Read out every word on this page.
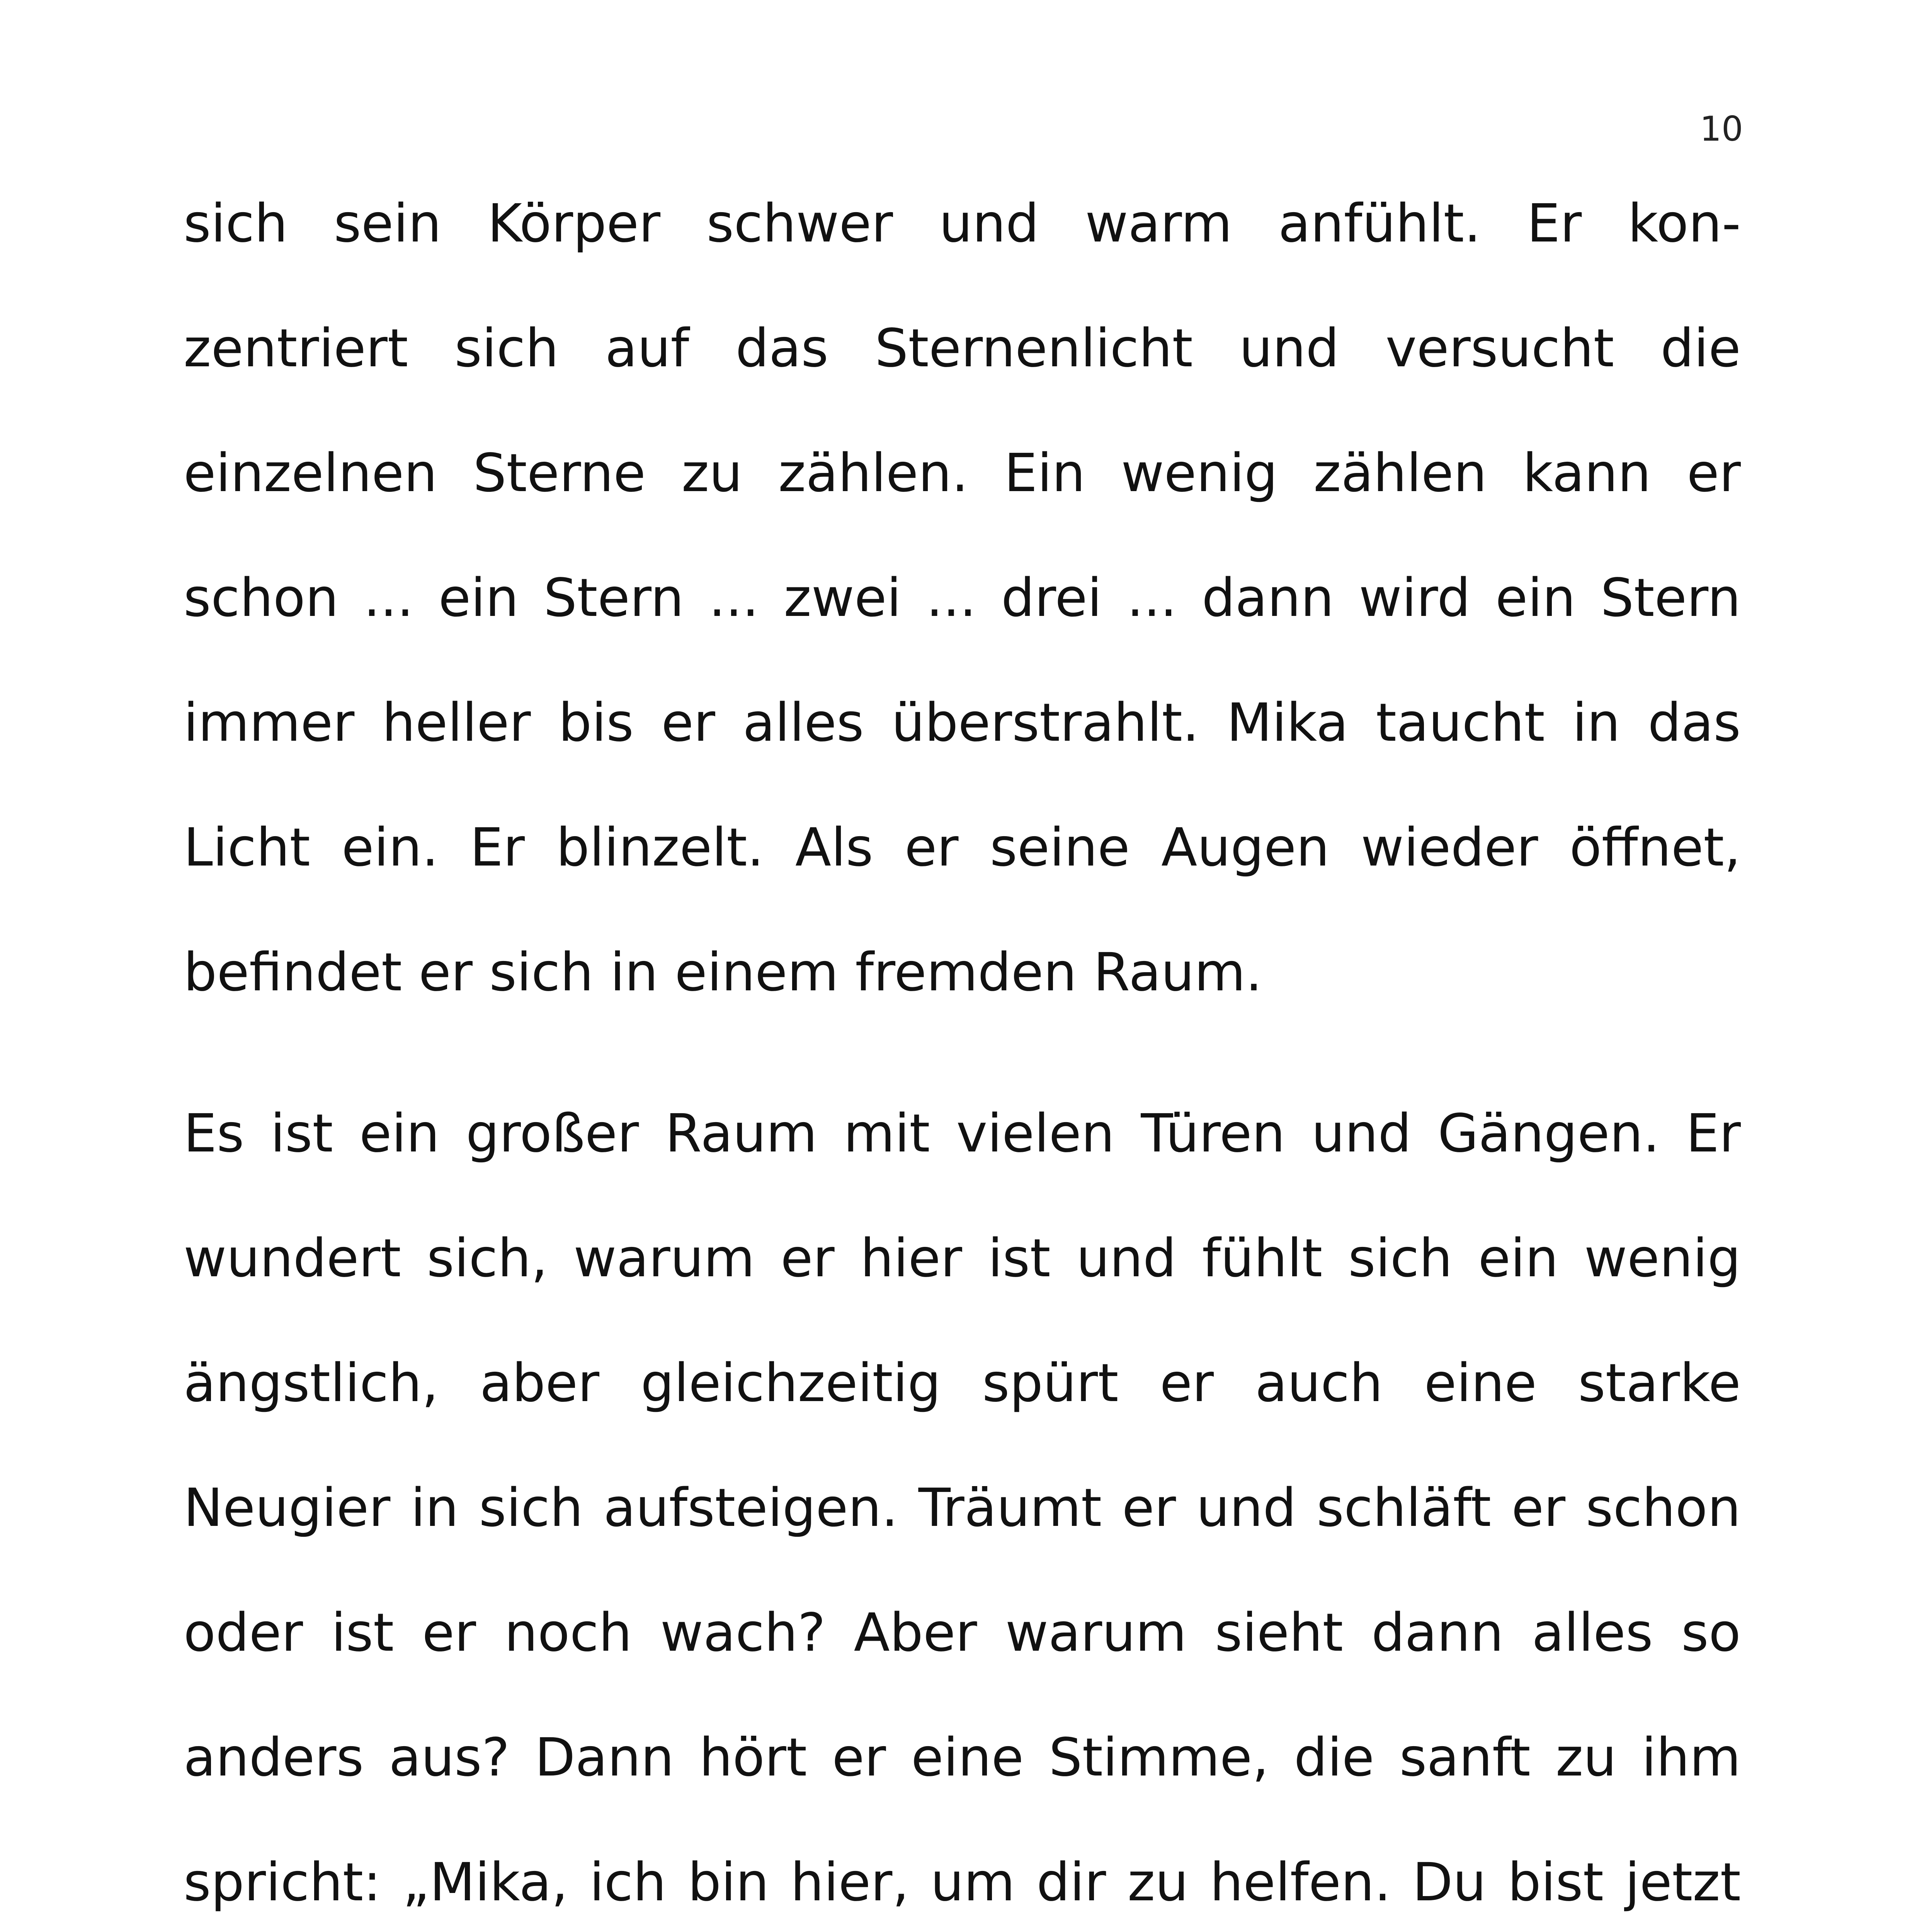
10
sich sein Körper schwer und warm anfühlt. Er kon-
zentriert sich auf das Sternenlicht und versucht die
einzelnen Sterne zu zählen. Ein wenig zählen kann er
schon ... ein Stern ... zwei ... drei ... dann wird ein Stern
immer heller bis er alles überstrahlt. Mika taucht in das
Licht ein. Er blinzelt. Als er seine Augen wieder öffnet,
befindet er sich in einem fremden Raum.
Es ist ein großer Raum mit vielen Türen und Gängen. Er
wundert sich, warum er hier ist und fühlt sich ein wenig
ängstlich, aber gleichzeitig spürt er auch eine starke
Neugier in sich aufsteigen. Träumt er und schläft er schon
oder ist er noch wach? Aber warum sieht dann alles so
anders aus? Dann hört er eine Stimme, die sanft zu ihm
spricht: „Mika, ich bin hier, um dir zu helfen. Du bist jetzt
